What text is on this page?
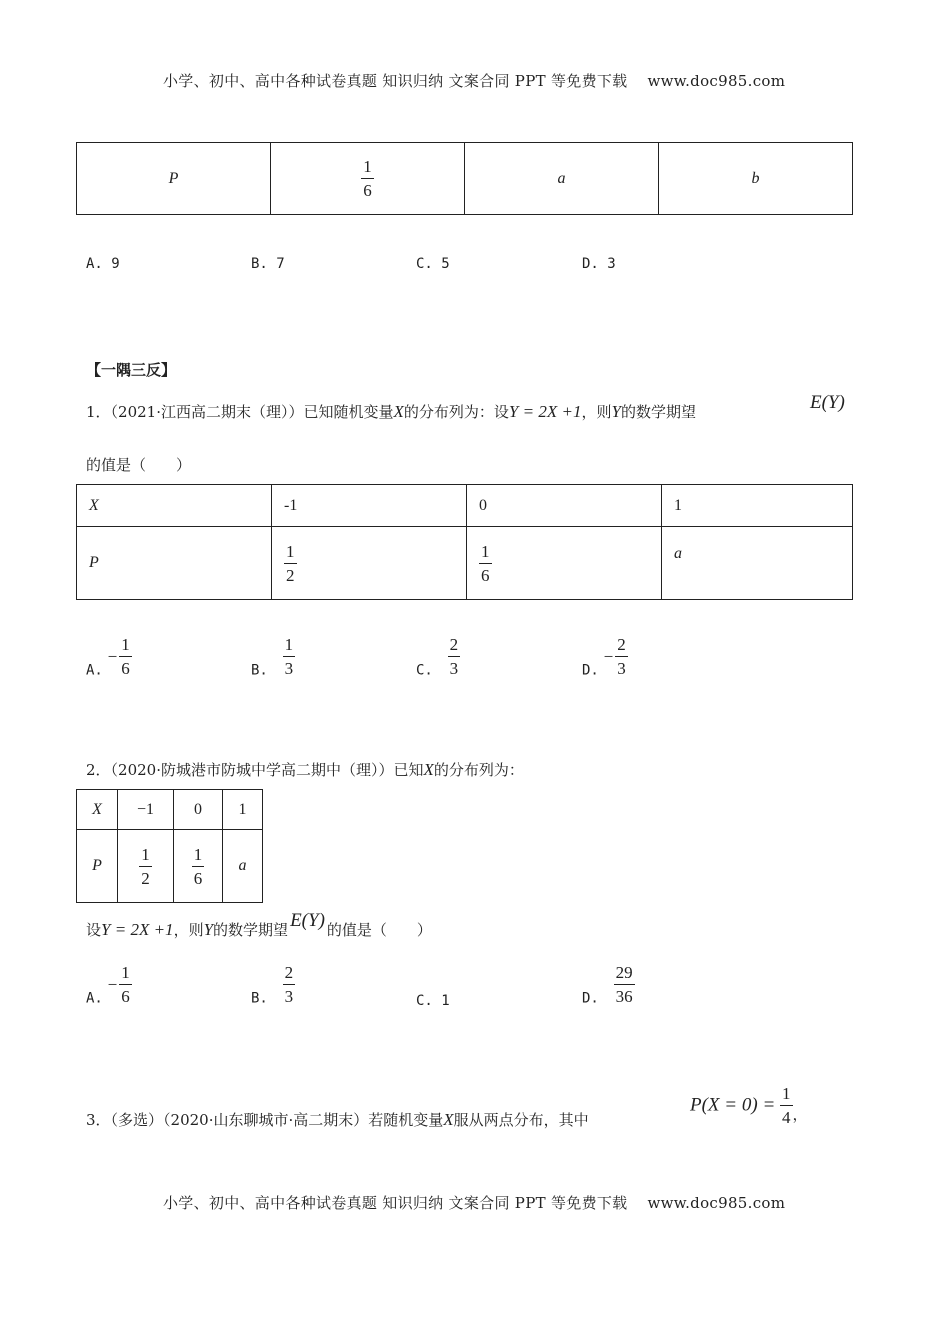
小学、初中、高中各种试卷真题 知识归纳 文案合同 PPT 等免费下载 www.doc985.com
P	$\frac{1}{6}$	a	b
A. 9	B. 7	C. 5	D. 3
【一隅三反】
1．（2021·江西高二期末（理））已知随机变量X的分布列为：设Y = 2X +1，则Y的数学期望	E(Y)
的值是（　　）
X	-1	0	1
P	$\frac{1}{2}$	$\frac{1}{6}$	a
A. − $\frac{1}{6}$	B. $\frac{1}{3}$	C. $\frac{2}{3}$	D. − $\frac{2}{3}$
2．（2020·防城港市防城中学高二期中（理））已知X的分布列为：
X	−1	0	1
P	$\frac{1}{2}$	$\frac{1}{6}$	a
设Y = 2X +1，则Y的数学期望 E(Y) 的值是（　　）
A. − $\frac{1}{6}$	B. $\frac{2}{3}$	C. 1	D. $\frac{29}{36}$
3．（多选）（2020·山东聊城市·高二期末）若随机变量X服从两点分布，其中
$P(X = 0) = \frac{1}{4}$ ，
小学、初中、高中各种试卷真题 知识归纳 文案合同 PPT 等免费下载 www.doc985.com
